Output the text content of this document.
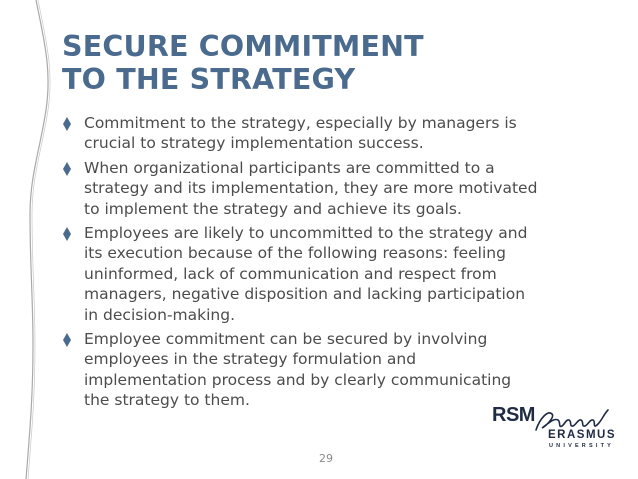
SECURE COMMITMENT
TO THE STRATEGY
Commitment to the strategy, especially by managers is
crucial to strategy implementation success.
When organizational participants are committed to a
strategy and its implementation, they are more motivated
to implement the strategy and achieve its goals.
Employees are likely to uncommitted to the strategy and
its execution because of the following reasons: feeling
uninformed, lack of communication and respect from
managers, negative disposition and lacking participation
in decision-making.
Employee commitment can be secured by involving
employees in the strategy formulation and
implementation process and by clearly communicating
the strategy to them.
29
RSM
ERASMUS
UNIVERSITY
